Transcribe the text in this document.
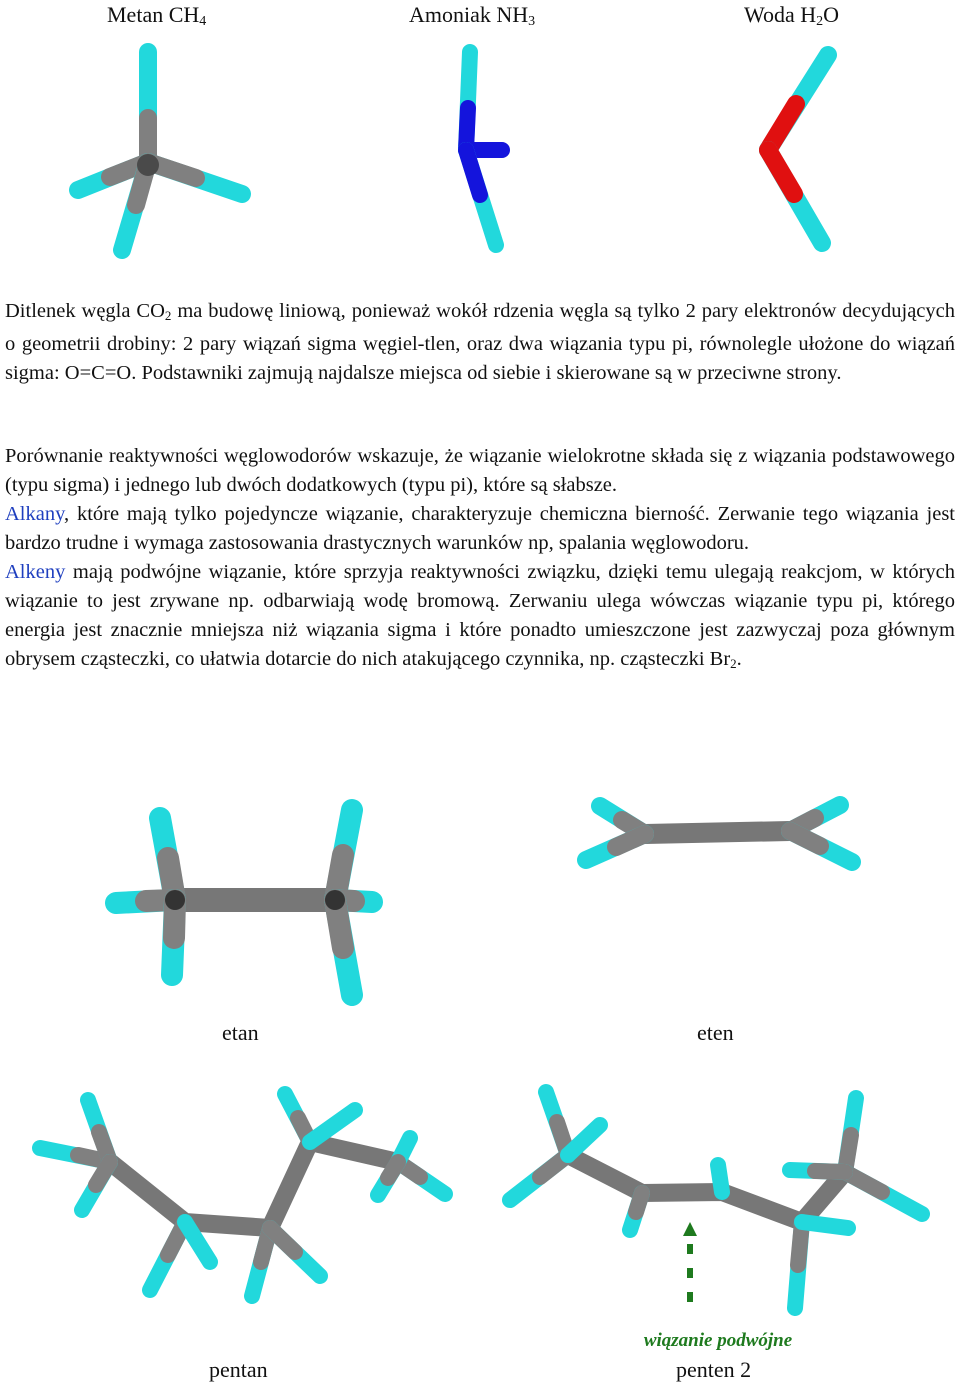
Metan $CH_4$	Amoniak $NH_3$	Woda $H_2O$

Ditlenek węgla $CO_2$ ma budowę liniową, ponieważ wokół rdzenia węgla są tylko 2 pary elektronów decydujących o geometrii drobiny: 2 pary wiązań sigma węgiel-tlen, oraz dwa wiązania typu pi, równolegle ułożone do wiązań sigma: O=C=O. Podstawniki zajmują najdalsze miejsca od siebie i skierowane są w przeciwne strony.

Porównanie reaktywności węglowodorów wskazuje, że wiązanie wielokrotne składa się z wiązania podstawowego (typu sigma) i jednego lub dwóch dodatkowych (typu pi), które są słabsze.
Alkany, które mają tylko pojedyncze wiązanie, charakteryzuje chemiczna bierność. Zerwanie tego wiązania jest bardzo trudne i wymaga zastosowania drastycznych warunków np, spalania węglowodoru.
Alkeny mają podwójne wiązanie, które sprzyja reaktywności związku, dzięki temu ulegają reakcjom, w których wiązanie to jest zrywane np. odbarwiają wodę bromową. Zerwaniu ulega wówczas wiązanie typu pi, którego energia jest znacznie mniejsza niż wiązania sigma i które ponadto umieszczone jest zazwyczaj poza głównym obrysem cząsteczki, co ułatwia dotarcie do nich atakującego czynnika, np. cząsteczki $Br_2$.

etan	eten
pentan	penten 2
wiązanie podwójne
